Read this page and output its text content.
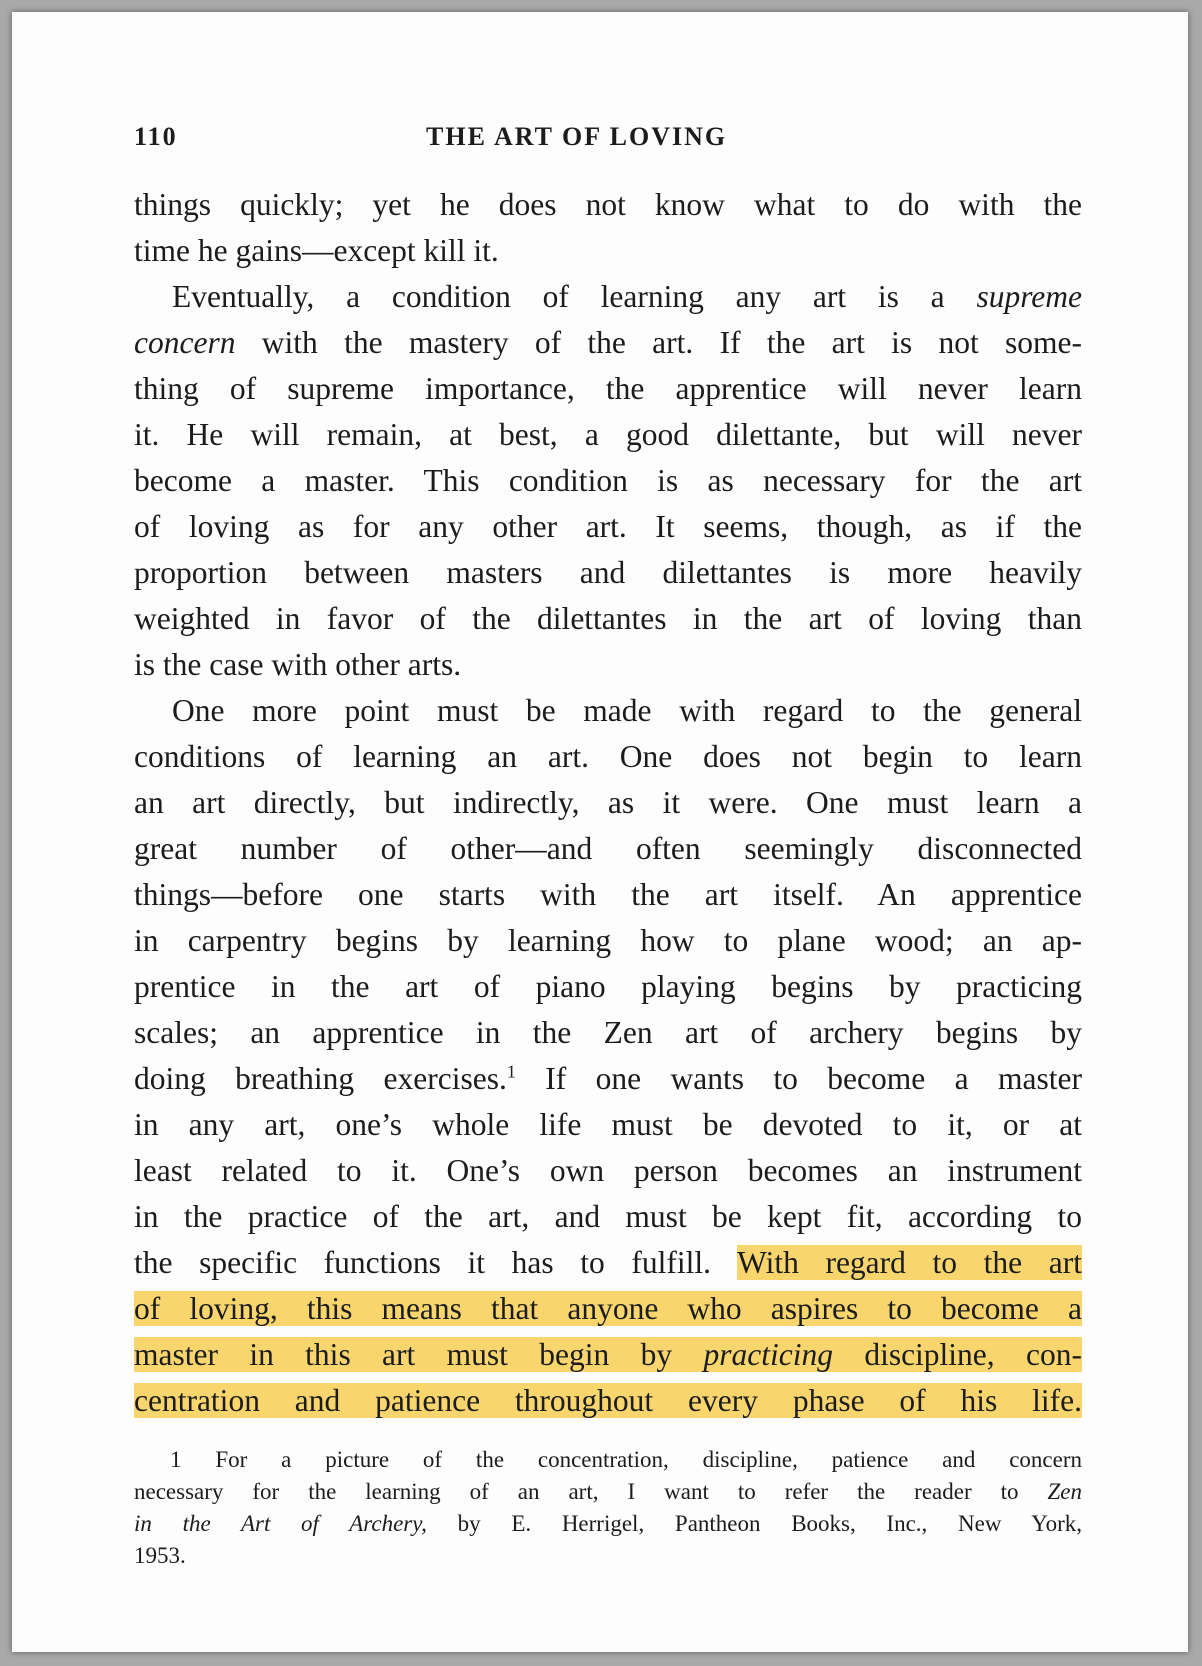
110	THE ART OF LOVING
things quickly; yet he does not know what to do with the
time he gains—except kill it.
Eventually, a condition of learning any art is a supreme
concern with the mastery of the art. If the art is not some-
thing of supreme importance, the apprentice will never learn
it. He will remain, at best, a good dilettante, but will never
become a master. This condition is as necessary for the art
of loving as for any other art. It seems, though, as if the
proportion between masters and dilettantes is more heavily
weighted in favor of the dilettantes in the art of loving than
is the case with other arts.
One more point must be made with regard to the general
conditions of learning an art. One does not begin to learn
an art directly, but indirectly, as it were. One must learn a
great number of other—and often seemingly disconnected
things—before one starts with the art itself. An apprentice
in carpentry begins by learning how to plane wood; an ap-
prentice in the art of piano playing begins by practicing
scales; an apprentice in the Zen art of archery begins by
doing breathing exercises.$^1$ If one wants to become a master
in any art, one’s whole life must be devoted to it, or at
least related to it. One’s own person becomes an instrument
in the practice of the art, and must be kept fit, according to
the specific functions it has to fulfill. With regard to the art
of loving, this means that anyone who aspires to become a
master in this art must begin by practicing discipline, con-
centration and patience throughout every phase of his life.
1 For a picture of the concentration, discipline, patience and concern
necessary for the learning of an art, I want to refer the reader to Zen
in the Art of Archery, by E. Herrigel, Pantheon Books, Inc., New York,
1953.
